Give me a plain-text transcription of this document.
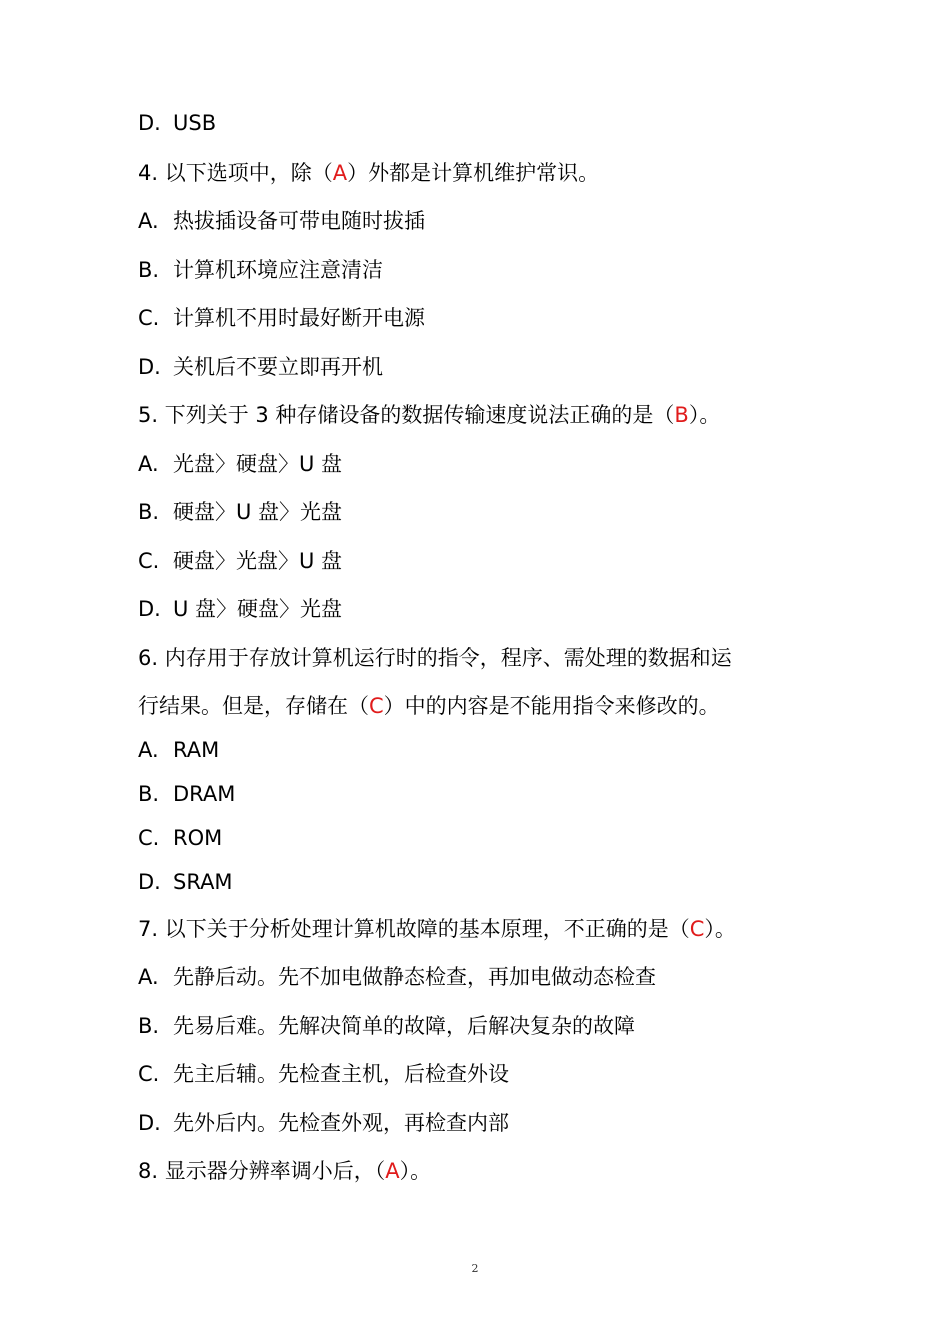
D. USB
4. 以下选项中，除（A）外都是计算机维护常识。
A. 热拔插设备可带电随时拔插
B. 计算机环境应注意清洁
C. 计算机不用时最好断开电源
D. 关机后不要立即再开机
5. 下列关于 3 种存储设备的数据传输速度说法正确的是（B）。
A. 光盘〉硬盘〉U 盘
B. 硬盘〉U 盘〉光盘
C. 硬盘〉光盘〉U 盘
D. U 盘〉硬盘〉光盘
6. 内存用于存放计算机运行时的指令，程序、需处理的数据和运
行结果。但是，存储在（C）中的内容是不能用指令来修改的。
A. RAM
B. DRAM
C. ROM
D. SRAM
7. 以下关于分析处理计算机故障的基本原理，不正确的是（C）。
A. 先静后动。先不加电做静态检查，再加电做动态检查
B. 先易后难。先解决简单的故障，后解决复杂的故障
C. 先主后辅。先检查主机，后检查外设
D. 先外后内。先检查外观，再检查内部
8. 显示器分辨率调小后，（A）。
2
